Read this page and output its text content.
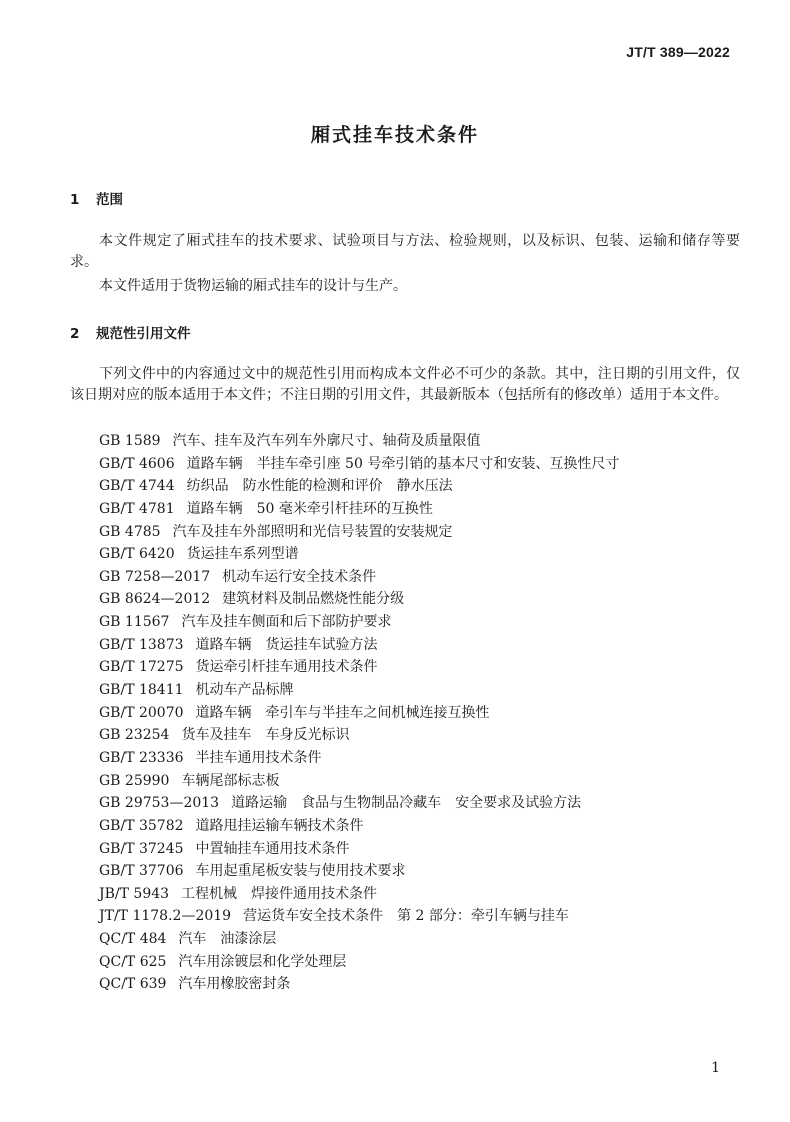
JT/T 389—2022
厢式挂车技术条件
1 范围
本文件规定了厢式挂车的技术要求、试验项目与方法、检验规则，以及标识、包装、运输和储存等要求。
本文件适用于货物运输的厢式挂车的设计与生产。
2 规范性引用文件
下列文件中的内容通过文中的规范性引用而构成本文件必不可少的条款。其中，注日期的引用文件，仅该日期对应的版本适用于本文件；不注日期的引用文件，其最新版本（包括所有的修改单）适用于本文件。
GB 1589 汽车、挂车及汽车列车外廓尺寸、轴荷及质量限值
GB/T 4606 道路车辆　半挂车牵引座 50 号牵引销的基本尺寸和安装、互换性尺寸
GB/T 4744 纺织品　防水性能的检测和评价　静水压法
GB/T 4781 道路车辆　50 毫米牵引杆挂环的互换性
GB 4785 汽车及挂车外部照明和光信号装置的安装规定
GB/T 6420 货运挂车系列型谱
GB 7258—2017 机动车运行安全技术条件
GB 8624—2012 建筑材料及制品燃烧性能分级
GB 11567 汽车及挂车侧面和后下部防护要求
GB/T 13873 道路车辆　货运挂车试验方法
GB/T 17275 货运牵引杆挂车通用技术条件
GB/T 18411 机动车产品标牌
GB/T 20070 道路车辆　牵引车与半挂车之间机械连接互换性
GB 23254 货车及挂车　车身反光标识
GB/T 23336 半挂车通用技术条件
GB 25990 车辆尾部标志板
GB 29753—2013 道路运输　食品与生物制品冷藏车　安全要求及试验方法
GB/T 35782 道路甩挂运输车辆技术条件
GB/T 37245 中置轴挂车通用技术条件
GB/T 37706 车用起重尾板安装与使用技术要求
JB/T 5943 工程机械　焊接件通用技术条件
JT/T 1178.2—2019 营运货车安全技术条件　第 2 部分：牵引车辆与挂车
QC/T 484 汽车　油漆涂层
QC/T 625 汽车用涂镀层和化学处理层
QC/T 639 汽车用橡胶密封条
1
